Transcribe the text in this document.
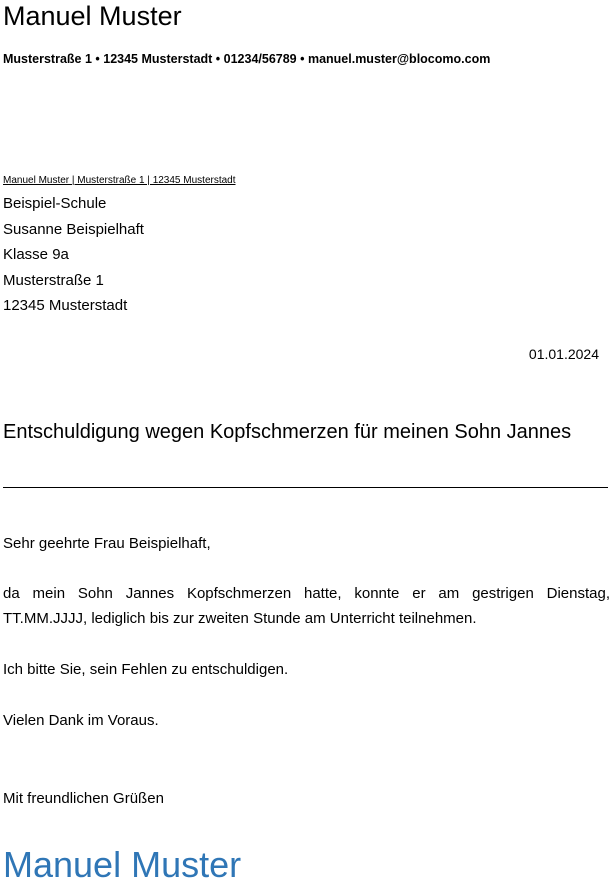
Manuel Muster
Musterstraße 1 • 12345 Musterstadt • 01234/56789 • manuel.muster@blocomo.com
Manuel Muster | Musterstraße 1 | 12345 Musterstadt
Beispiel-Schule
Susanne Beispielhaft
Klasse 9a
Musterstraße 1
12345 Musterstadt
01.01.2024
Entschuldigung wegen Kopfschmerzen für meinen Sohn Jannes
Sehr geehrte Frau Beispielhaft,
da mein Sohn Jannes Kopfschmerzen hatte, konnte er am gestrigen Dienstag, TT.MM.JJJJ, lediglich bis zur zweiten Stunde am Unterricht teilnehmen.
Ich bitte Sie, sein Fehlen zu entschuldigen.
Vielen Dank im Voraus.
Mit freundlichen Grüßen
Manuel Muster
